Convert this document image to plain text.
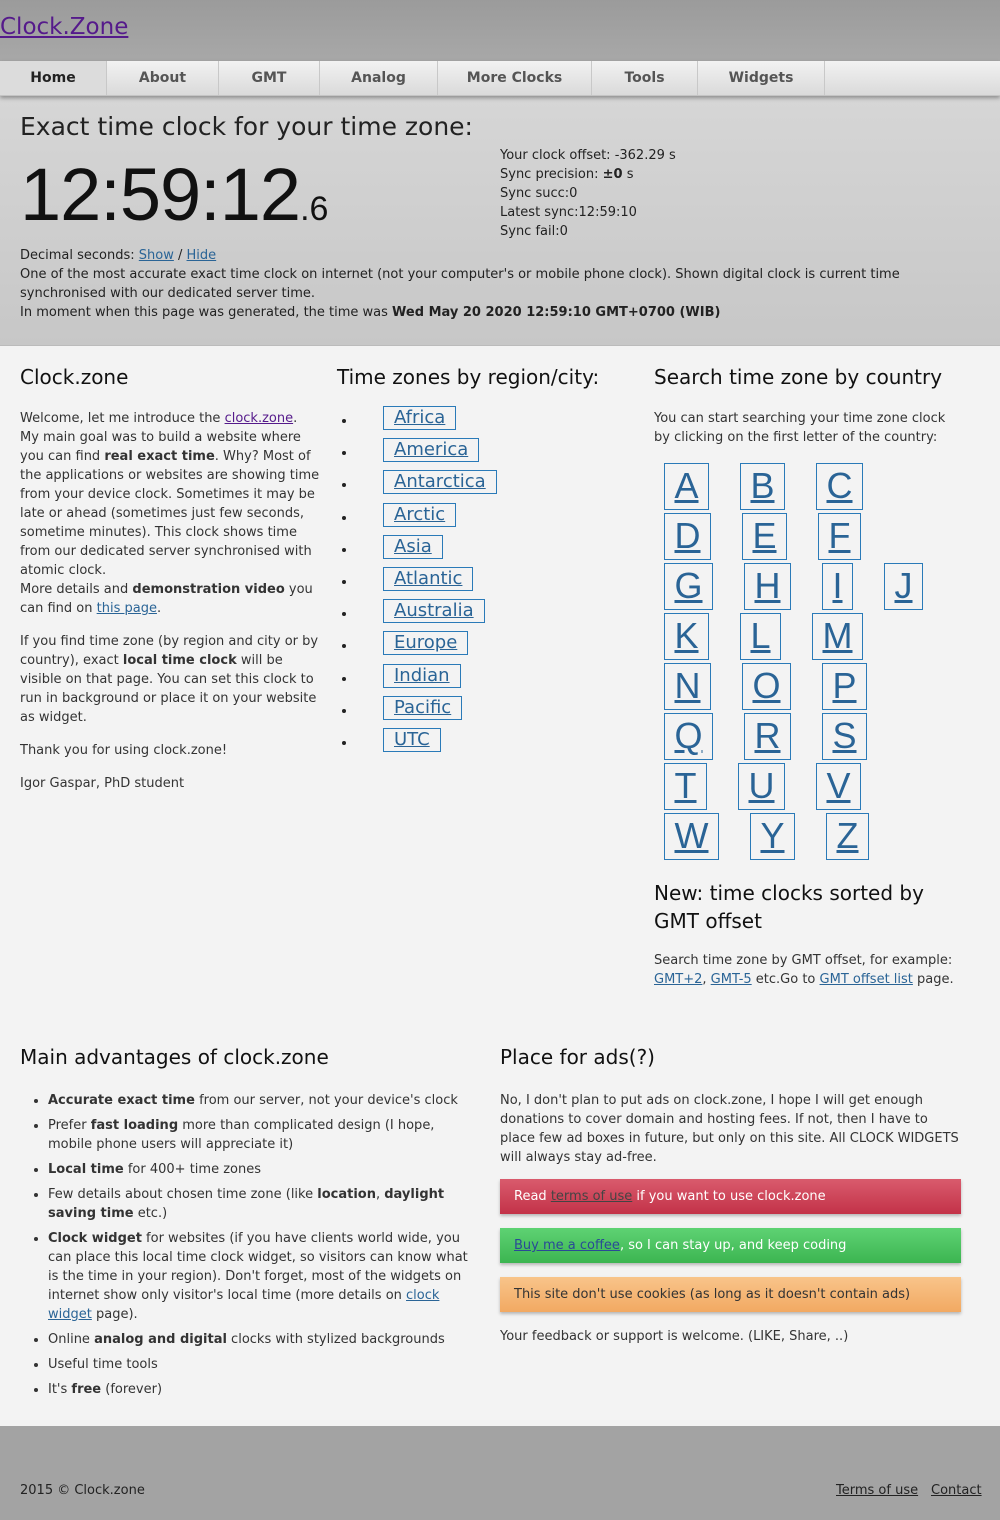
Clock.Zone
Home	About	GMT	Analog	More Clocks	Tools	Widgets
Exact time clock for your time zone:
12:59:12.6
Your clock offset: -362.29 s
Sync precision: ±0 s
Sync succ:0
Latest sync:12:59:10
Sync fail:0
Decimal seconds: Show / Hide
One of the most accurate exact time clock on internet (not your computer's or mobile phone clock). Shown digital clock is current time synchronised with our dedicated server time.
In moment when this page was generated, the time was Wed May 20 2020 12:59:10 GMT+0700 (WIB)
Clock.zone

Welcome, let me introduce the clock.zone. My main goal was to build a website where you can find real exact time. Why? Most of the applications or websites are showing time from your device clock. Sometimes it may be late or ahead (sometimes just few seconds, sometime minutes). This clock shows time from our dedicated server synchronised with atomic clock.
More details and demonstration video you can find on this page.

If you find time zone (by region and city or by country), exact local time clock will be visible on that page. You can set this clock to run in background or place it on your website as widget.

Thank you for using clock.zone!

Igor Gaspar, PhD student

Time zones by region/city:
• Africa
• America
• Antarctica
• Arctic
• Asia
• Atlantic
• Australia
• Europe
• Indian
• Pacific
• UTC
Search time zone by country

You can start searching your time zone clock by clicking on the first letter of the country:

A B C
D E F
G H I J
K L M
N O P
Q R S
T U V
W Y Z
New: time clocks sorted by GMT offset

Search time zone by GMT offset, for example: GMT+2, GMT-5 etc.Go to GMT offset list page.

Main advantages of clock.zone
• Accurate exact time from our server, not your device's clock
• Prefer fast loading more than complicated design (I hope, mobile phone users will appreciate it)
• Local time for 400+ time zones
• Few details about chosen time zone (like location, daylight saving time etc.)
• Clock widget for websites (if you have clients world wide, you can place this local time clock widget, so visitors can know what is the time in your region). Don't forget, most of the widgets on internet show only visitor's local time (more details on clock widget page).
• Online analog and digital clocks with stylized backgrounds
• Useful time tools
• It's free (forever)
Place for ads(?)

No, I don't plan to put ads on clock.zone, I hope I will get enough donations to cover domain and hosting fees. If not, then I have to place few ad boxes in future, but only on this site. All CLOCK WIDGETS will always stay ad-free.

Read terms of use if you want to use clock.zone
Buy me a coffee, so I can stay up, and keep coding
This site don't use cookies (as long as it doesn't contain ads)

Your feedback or support is welcome. (LIKE, Share, ..)

2015 © Clock.zone	Terms of use Contact
